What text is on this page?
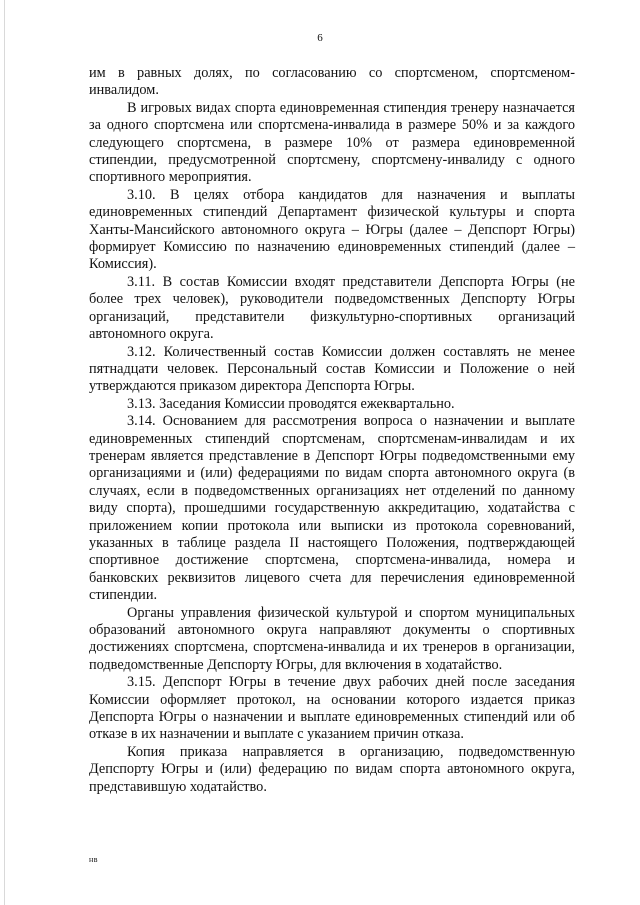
6

им в равных долях, по согласованию со спортсменом, спортсменом-инвалидом.

В игровых видах спорта единовременная стипендия тренеру назначается за одного спортсмена или спортсмена-инвалида в размере 50% и за каждого следующего спортсмена, в размере 10% от размера единовременной стипендии, предусмотренной спортсмену, спортсмену-инвалиду с одного спортивного мероприятия.

3.10. В целях отбора кандидатов для назначения и выплаты единовременных стипендий Департамент физической культуры и спорта Ханты-Мансийского автономного округа – Югры (далее – Депспорт Югры) формирует Комиссию по назначению единовременных стипендий (далее – Комиссия).

3.11. В состав Комиссии входят представители Депспорта Югры (не более трех человек), руководители подведомственных Депспорту Югры организаций, представители физкультурно-спортивных организаций автономного округа.

3.12. Количественный состав Комиссии должен составлять не менее пятнадцати человек. Персональный состав Комиссии и Положение о ней утверждаются приказом директора Депспорта Югры.

3.13. Заседания Комиссии проводятся ежеквартально.

3.14. Основанием для рассмотрения вопроса о назначении и выплате единовременных стипендий спортсменам, спортсменам-инвалидам и их тренерам является представление в Депспорт Югры подведомственными ему организациями и (или) федерациями по видам спорта автономного округа (в случаях, если в подведомственных организациях нет отделений по данному виду спорта), прошедшими государственную аккредитацию, ходатайства с приложением копии протокола или выписки из протокола соревнований, указанных в таблице раздела II настоящего Положения, подтверждающей спортивное достижение спортсмена, спортсмена-инвалида, номера и банковских реквизитов лицевого счета для перечисления единовременной стипендии.

Органы управления физической культурой и спортом муниципальных образований автономного округа направляют документы о спортивных достижениях спортсмена, спортсмена-инвалида и их тренеров в организации, подведомственные Депспорту Югры, для включения в ходатайство.

3.15. Депспорт Югры в течение двух рабочих дней после заседания Комиссии оформляет протокол, на основании которого издается приказ Депспорта Югры о назначении и выплате единовременных стипендий или об отказе в их назначении и выплате с указанием причин отказа.

Копия приказа направляется в организацию, подведомственную Депспорту Югры и (или) федерацию по видам спорта автономного округа, представившую ходатайство.

нв
